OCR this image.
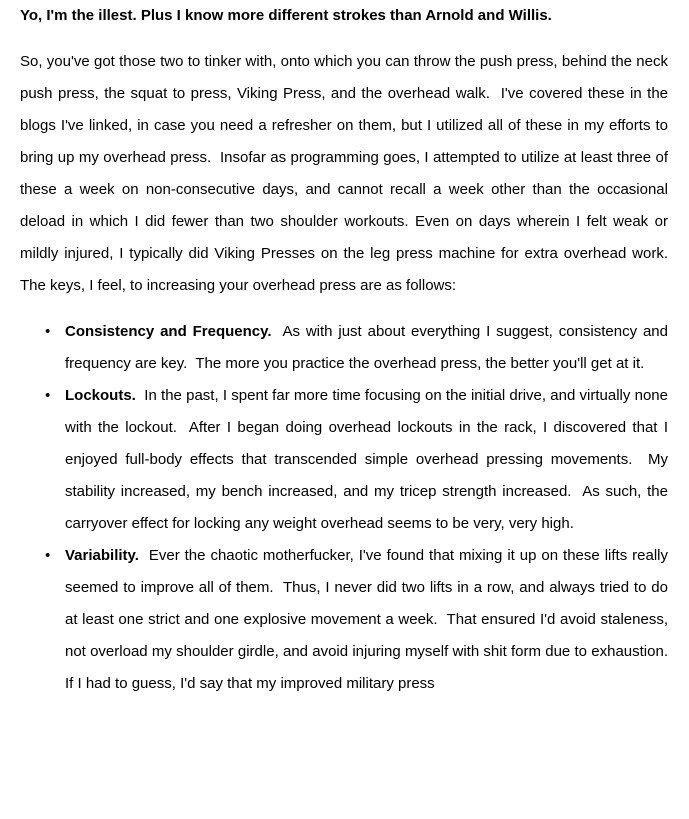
Yo, I'm the illest. Plus I know more different strokes than Arnold and Willis.

So, you've got those two to tinker with, onto which you can throw the push press, behind the neck push press, the squat to press, Viking Press, and the overhead walk.  I've covered these in the blogs I've linked, in case you need a refresher on them, but I utilized all of these in my efforts to bring up my overhead press.  Insofar as programming goes, I attempted to utilize at least three of these a week on non-consecutive days, and cannot recall a week other than the occasional deload in which I did fewer than two shoulder workouts. Even on days wherein I felt weak or mildly injured, I typically did Viking Presses on the leg press machine for extra overhead work.  The keys, I feel, to increasing your overhead press are as follows:

• Consistency and Frequency.  As with just about everything I suggest, consistency and frequency are key.  The more you practice the overhead press, the better you'll get at it.
• Lockouts.  In the past, I spent far more time focusing on the initial drive, and virtually none with the lockout.  After I began doing overhead lockouts in the rack, I discovered that I enjoyed full-body effects that transcended simple overhead pressing movements.  My stability increased, my bench increased, and my tricep strength increased.  As such, the carryover effect for locking any weight overhead seems to be very, very high.
• Variability.  Ever the chaotic motherfucker, I've found that mixing it up on these lifts really seemed to improve all of them.  Thus, I never did two lifts in a row, and always tried to do at least one strict and one explosive movement a week.  That ensured I'd avoid staleness, not overload my shoulder girdle, and avoid injuring myself with shit form due to exhaustion.  If I had to guess, I'd say that my improved military press
